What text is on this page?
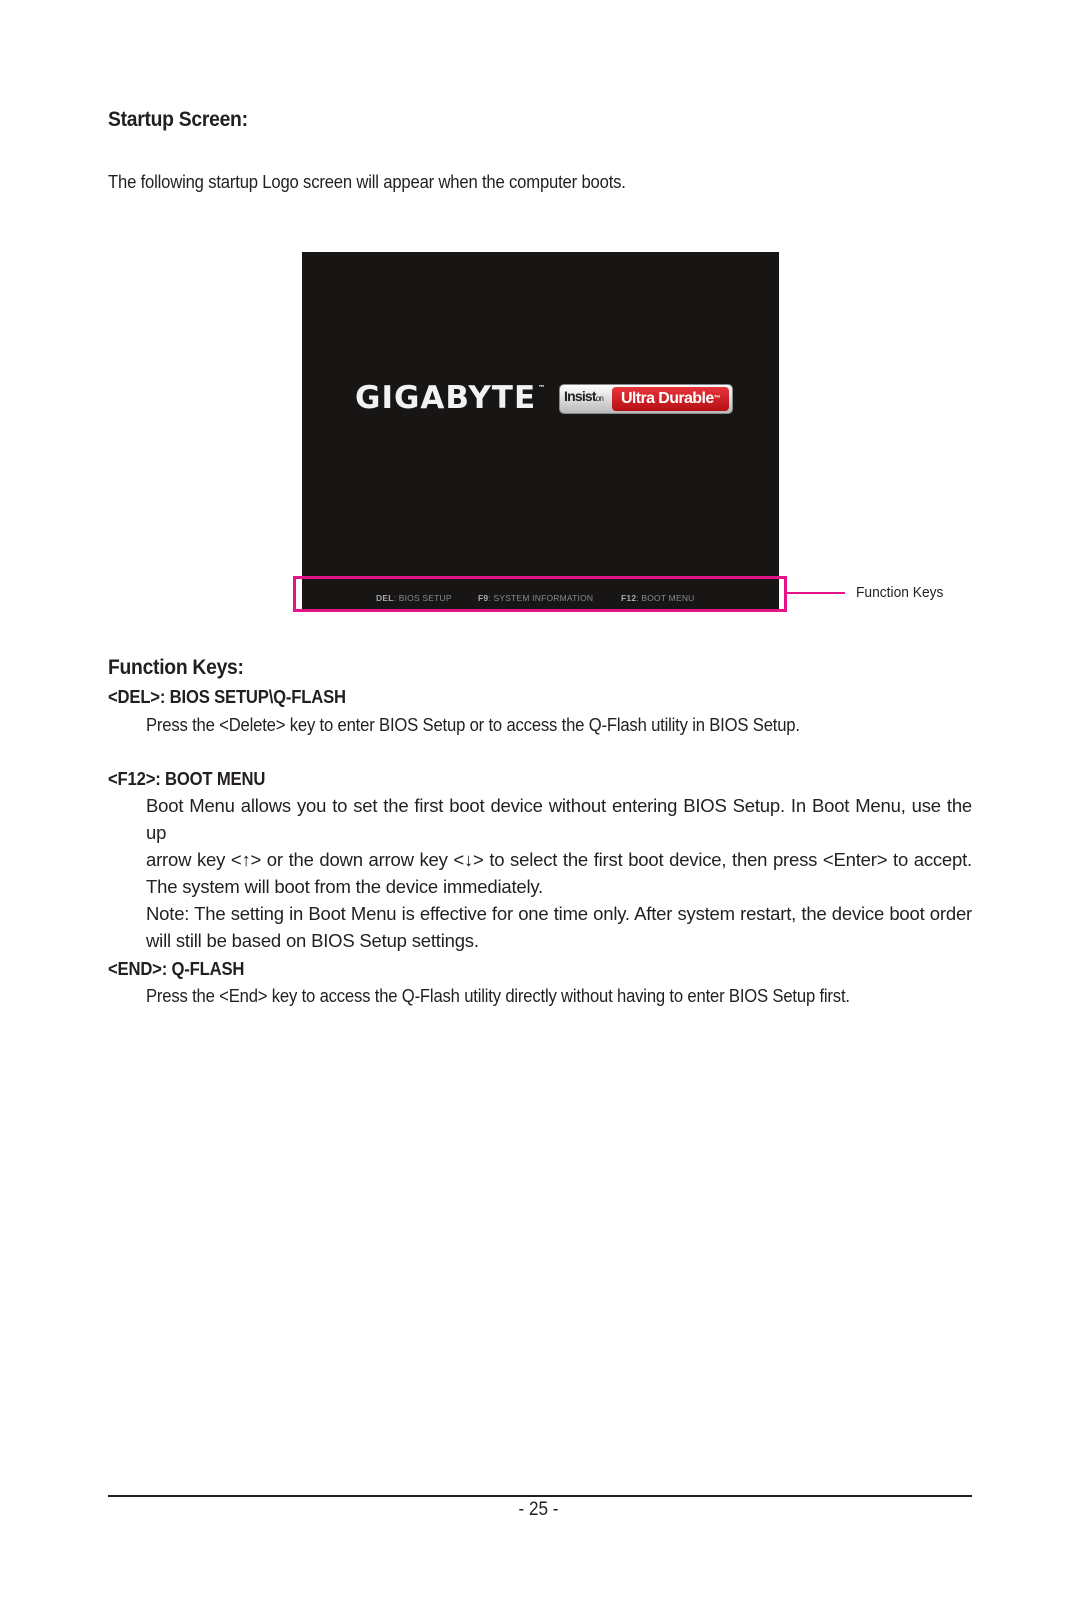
Startup Screen:
The following startup Logo screen will appear when the computer boots.
GIGABYTE ™ Insiston	Ultra Durable™
DEL: BIOS SETUP	F9: SYSTEM INFORMATION	F12: BOOT MENU	Function Keys
Function Keys:
<DEL>: BIOS SETUP\Q-FLASH
Press the <Delete> key to enter BIOS Setup or to access the Q-Flash utility in BIOS Setup.
<F12>: BOOT MENU
Boot Menu allows you to set the first boot device without entering BIOS Setup. In Boot Menu, use the up
arrow key <↑> or the down arrow key <↓> to select the first boot device, then press <Enter> to accept.
The system will boot from the device immediately.
Note: The setting in Boot Menu is effective for one time only. After system restart, the device boot order
will still be based on BIOS Setup settings.
<END>: Q-FLASH
Press the <End> key to access the Q-Flash utility directly without having to enter BIOS Setup first.
- 25 -
